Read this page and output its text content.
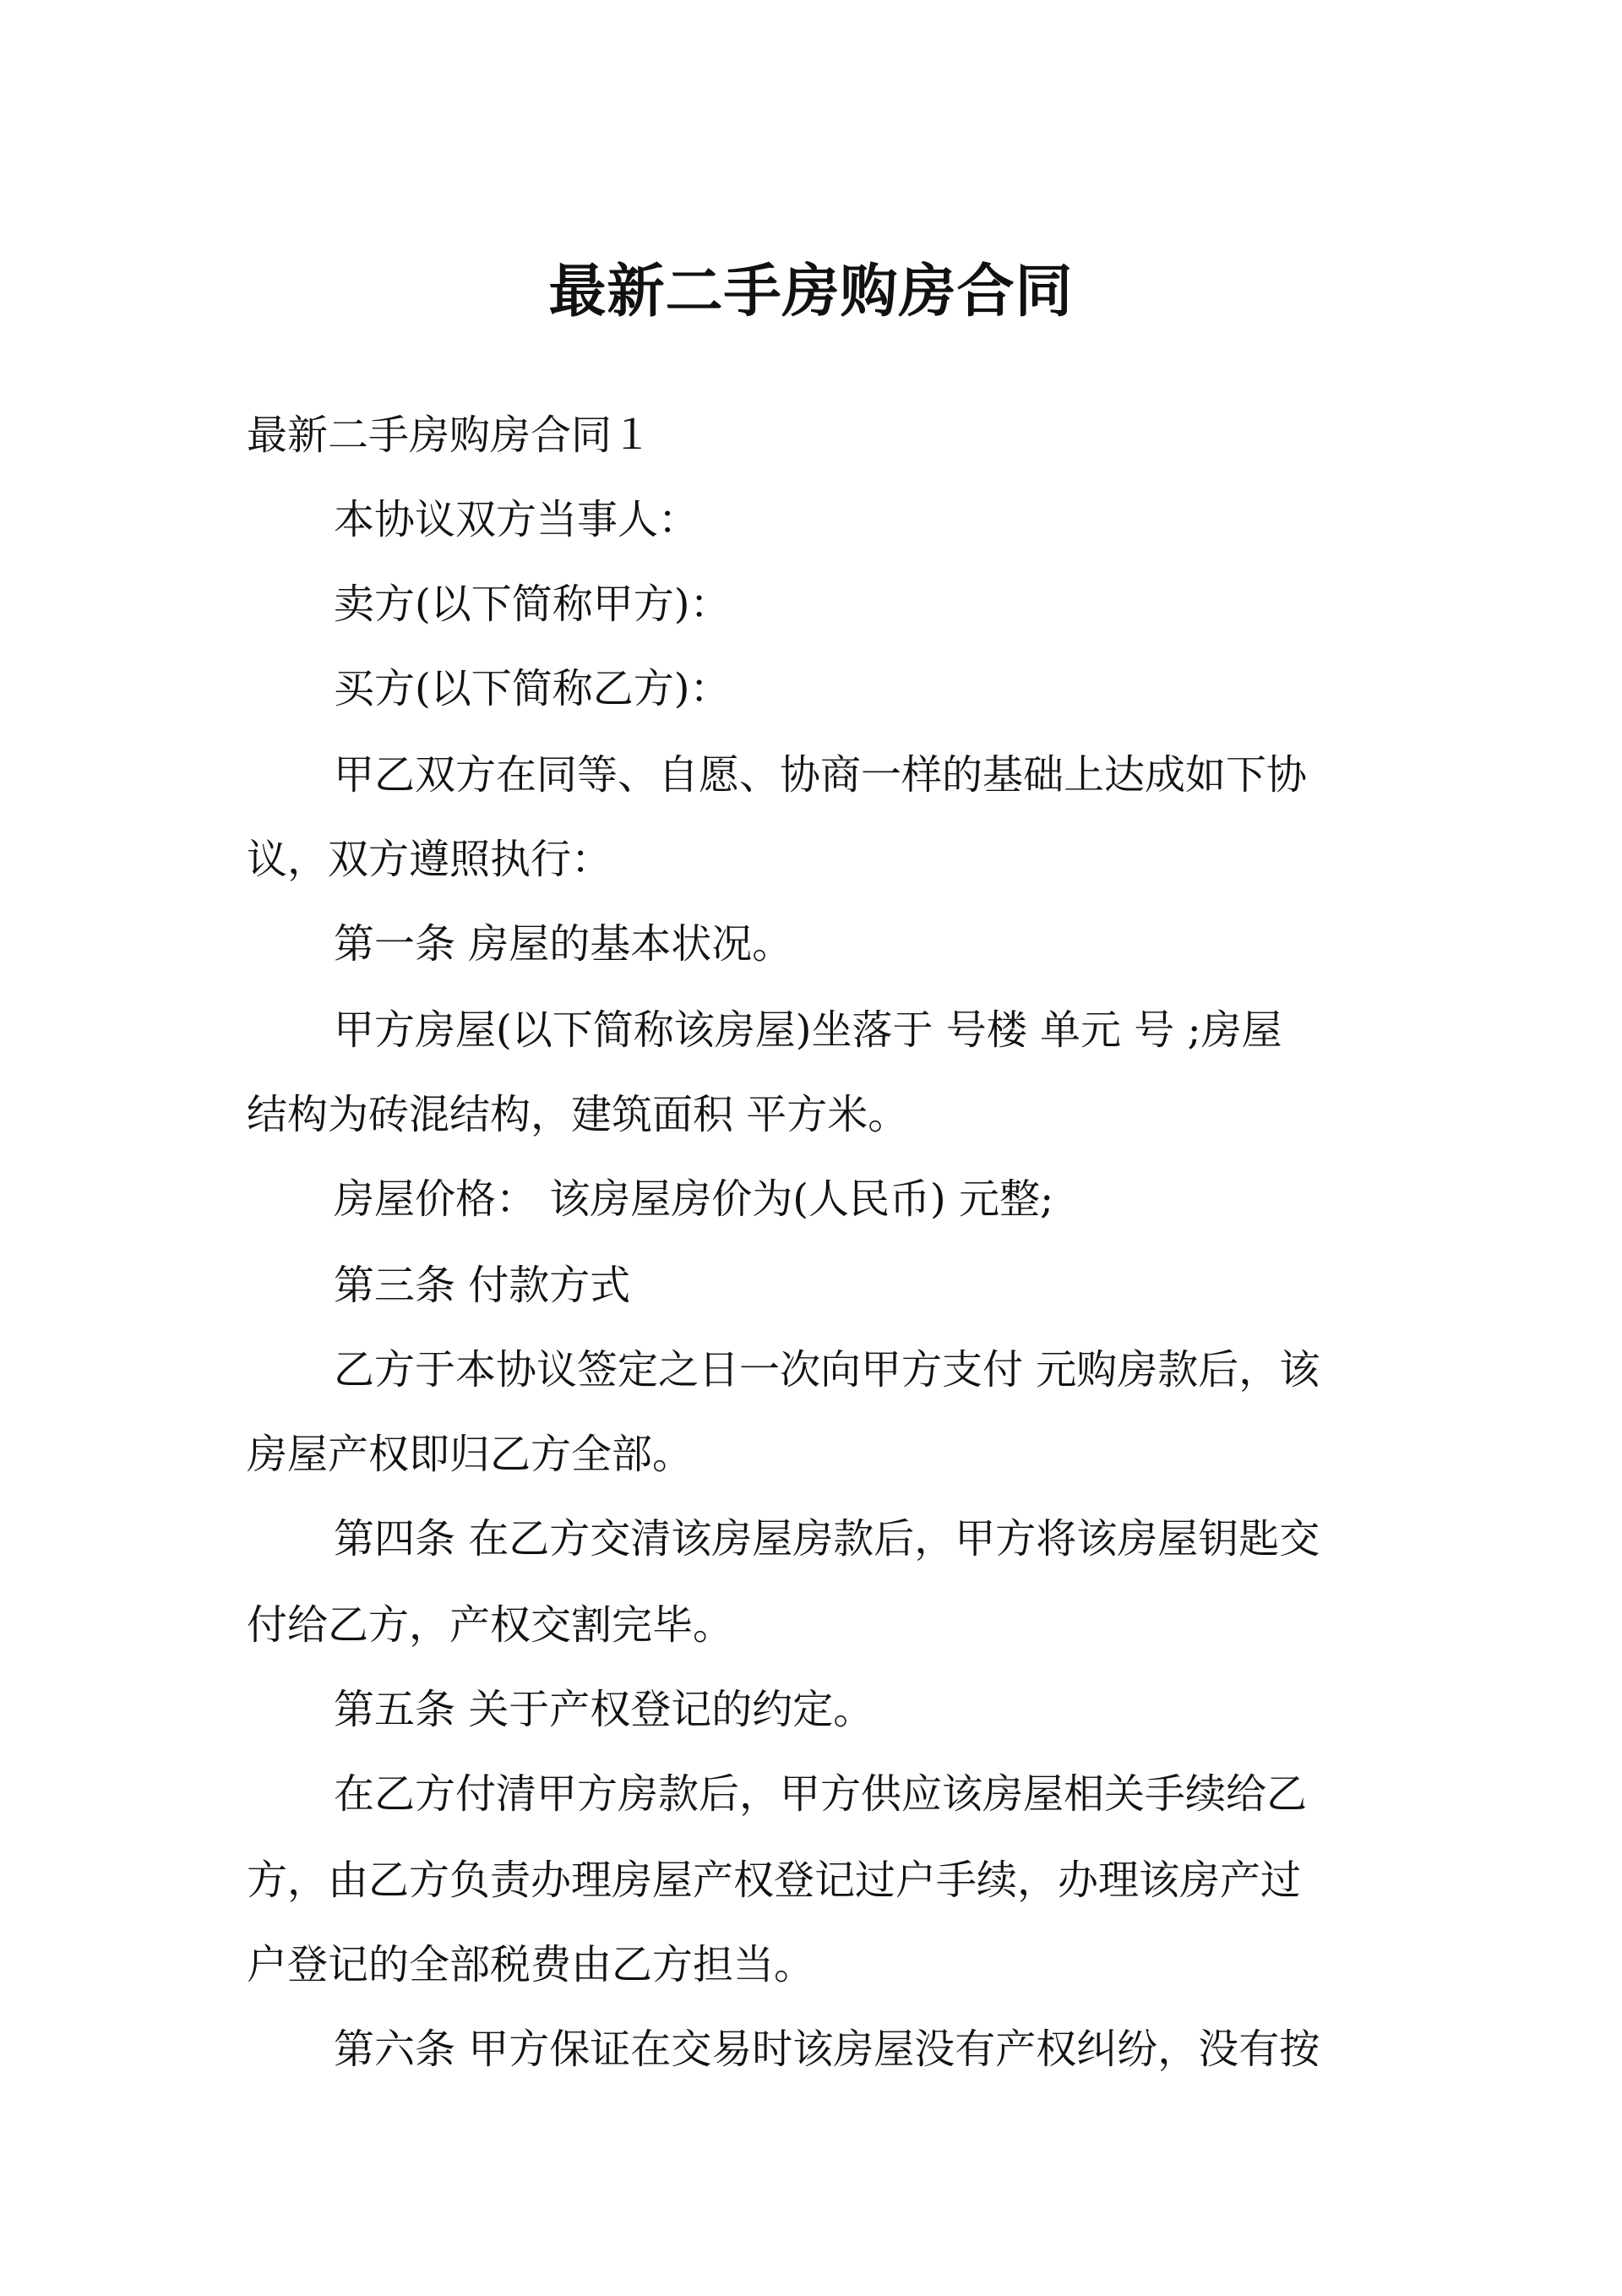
最新二手房购房合同
最新二手房购房合同１
本协议双方当事人：
卖方(以下简称甲方)：
买方(以下简称乙方)：
甲乙双方在同等、自愿、协商一样的基础上达成如下协
议，双方遵照执行：
第一条 房屋的基本状况。
甲方房屋(以下简称该房屋)坐落于 号楼 单元 号 ;房屋
结构为砖混结构，建筑面积 平方米。
房屋价格： 该房屋房价为(人民币) 元整;
第三条 付款方式
乙方于本协议签定之日一次向甲方支付 元购房款后，该
房屋产权即归乙方全部。
第四条 在乙方交清该房屋房款后，甲方将该房屋钥匙交
付给乙方，产权交割完毕。
第五条 关于产权登记的约定。
在乙方付清甲方房款后，甲方供应该房屋相关手续给乙
方，由乙方负责办理房屋产权登记过户手续，办理该房产过
户登记的全部税费由乙方担当。
第六条 甲方保证在交易时该房屋没有产权纠纷，没有按
